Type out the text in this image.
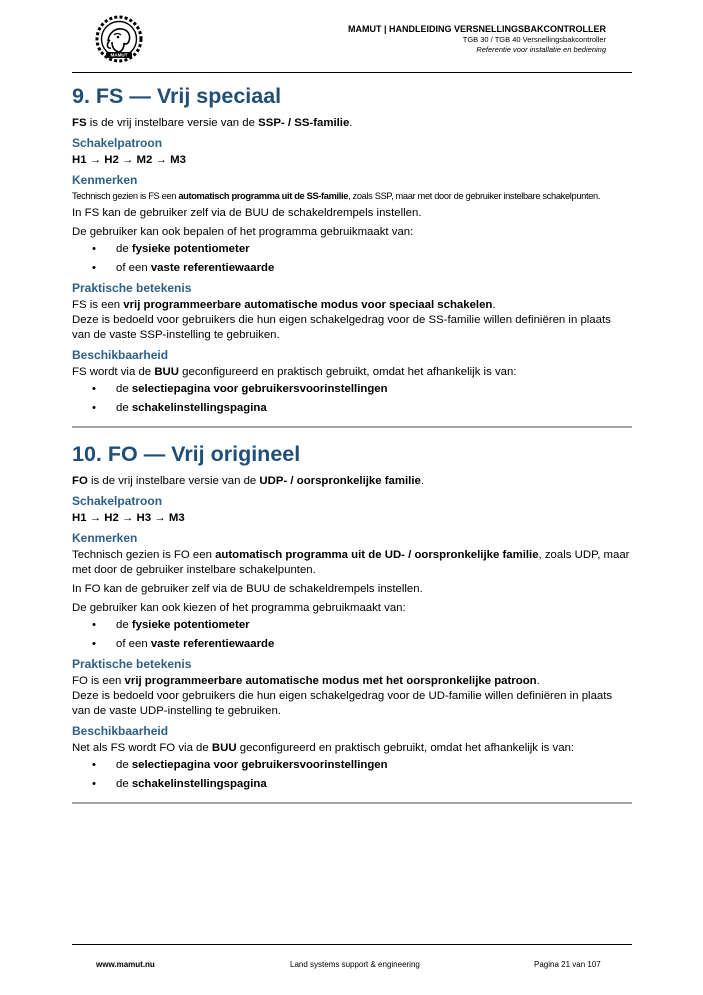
MAMUT
MAMUT | HANDLEIDING VERSNELLINGSBAKCONTROLLER
TGB 30 / TGB 40 Versnellingsbakcontroller
Referentie voor installatie en bediening
9. FS — Vrij speciaal

FS is de vrij instelbare versie van de SSP- / SS-familie.

Schakelpatroon

H1 → H2 → M2 → M3

Kenmerken

Technisch gezien is FS een automatisch programma uit de SS-familie, zoals SSP, maar met door de gebruiker instelbare schakelpunten.

In FS kan de gebruiker zelf via de BUU de schakeldrempels instellen.

De gebruiker kan ook bepalen of het programma gebruikmaakt van:

• de fysieke potentiometer
• of een vaste referentiewaarde
Praktische betekenis

FS is een vrij programmeerbare automatische modus voor speciaal schakelen.

Deze is bedoeld voor gebruikers die hun eigen schakelgedrag voor de SS-familie willen definiëren in plaats van de vaste SSP-instelling te gebruiken.

Beschikbaarheid

FS wordt via de BUU geconfigureerd en praktisch gebruikt, omdat het afhankelijk is van:

• de selectiepagina voor gebruikersvoorinstellingen
• de schakelinstellingspagina
10. FO — Vrij origineel

FO is de vrij instelbare versie van de UDP- / oorspronkelijke familie.

Schakelpatroon

H1 → H2 → H3 → M3

Kenmerken

Technisch gezien is FO een automatisch programma uit de UD- / oorspronkelijke familie, zoals UDP, maar met door de gebruiker instelbare schakelpunten.

In FO kan de gebruiker zelf via de BUU de schakeldrempels instellen.

De gebruiker kan ook kiezen of het programma gebruikmaakt van:

• de fysieke potentiometer
• of een vaste referentiewaarde
Praktische betekenis

FO is een vrij programmeerbare automatische modus met het oorspronkelijke patroon.

Deze is bedoeld voor gebruikers die hun eigen schakelgedrag voor de UD-familie willen definiëren in plaats van de vaste UDP-instelling te gebruiken.

Beschikbaarheid

Net als FS wordt FO via de BUU geconfigureerd en praktisch gebruikt, omdat het afhankelijk is van:

• de selectiepagina voor gebruikersvoorinstellingen
• de schakelinstellingspagina
www.mamut.nu	Land systems support & engineering	Pagina 21 van 107
